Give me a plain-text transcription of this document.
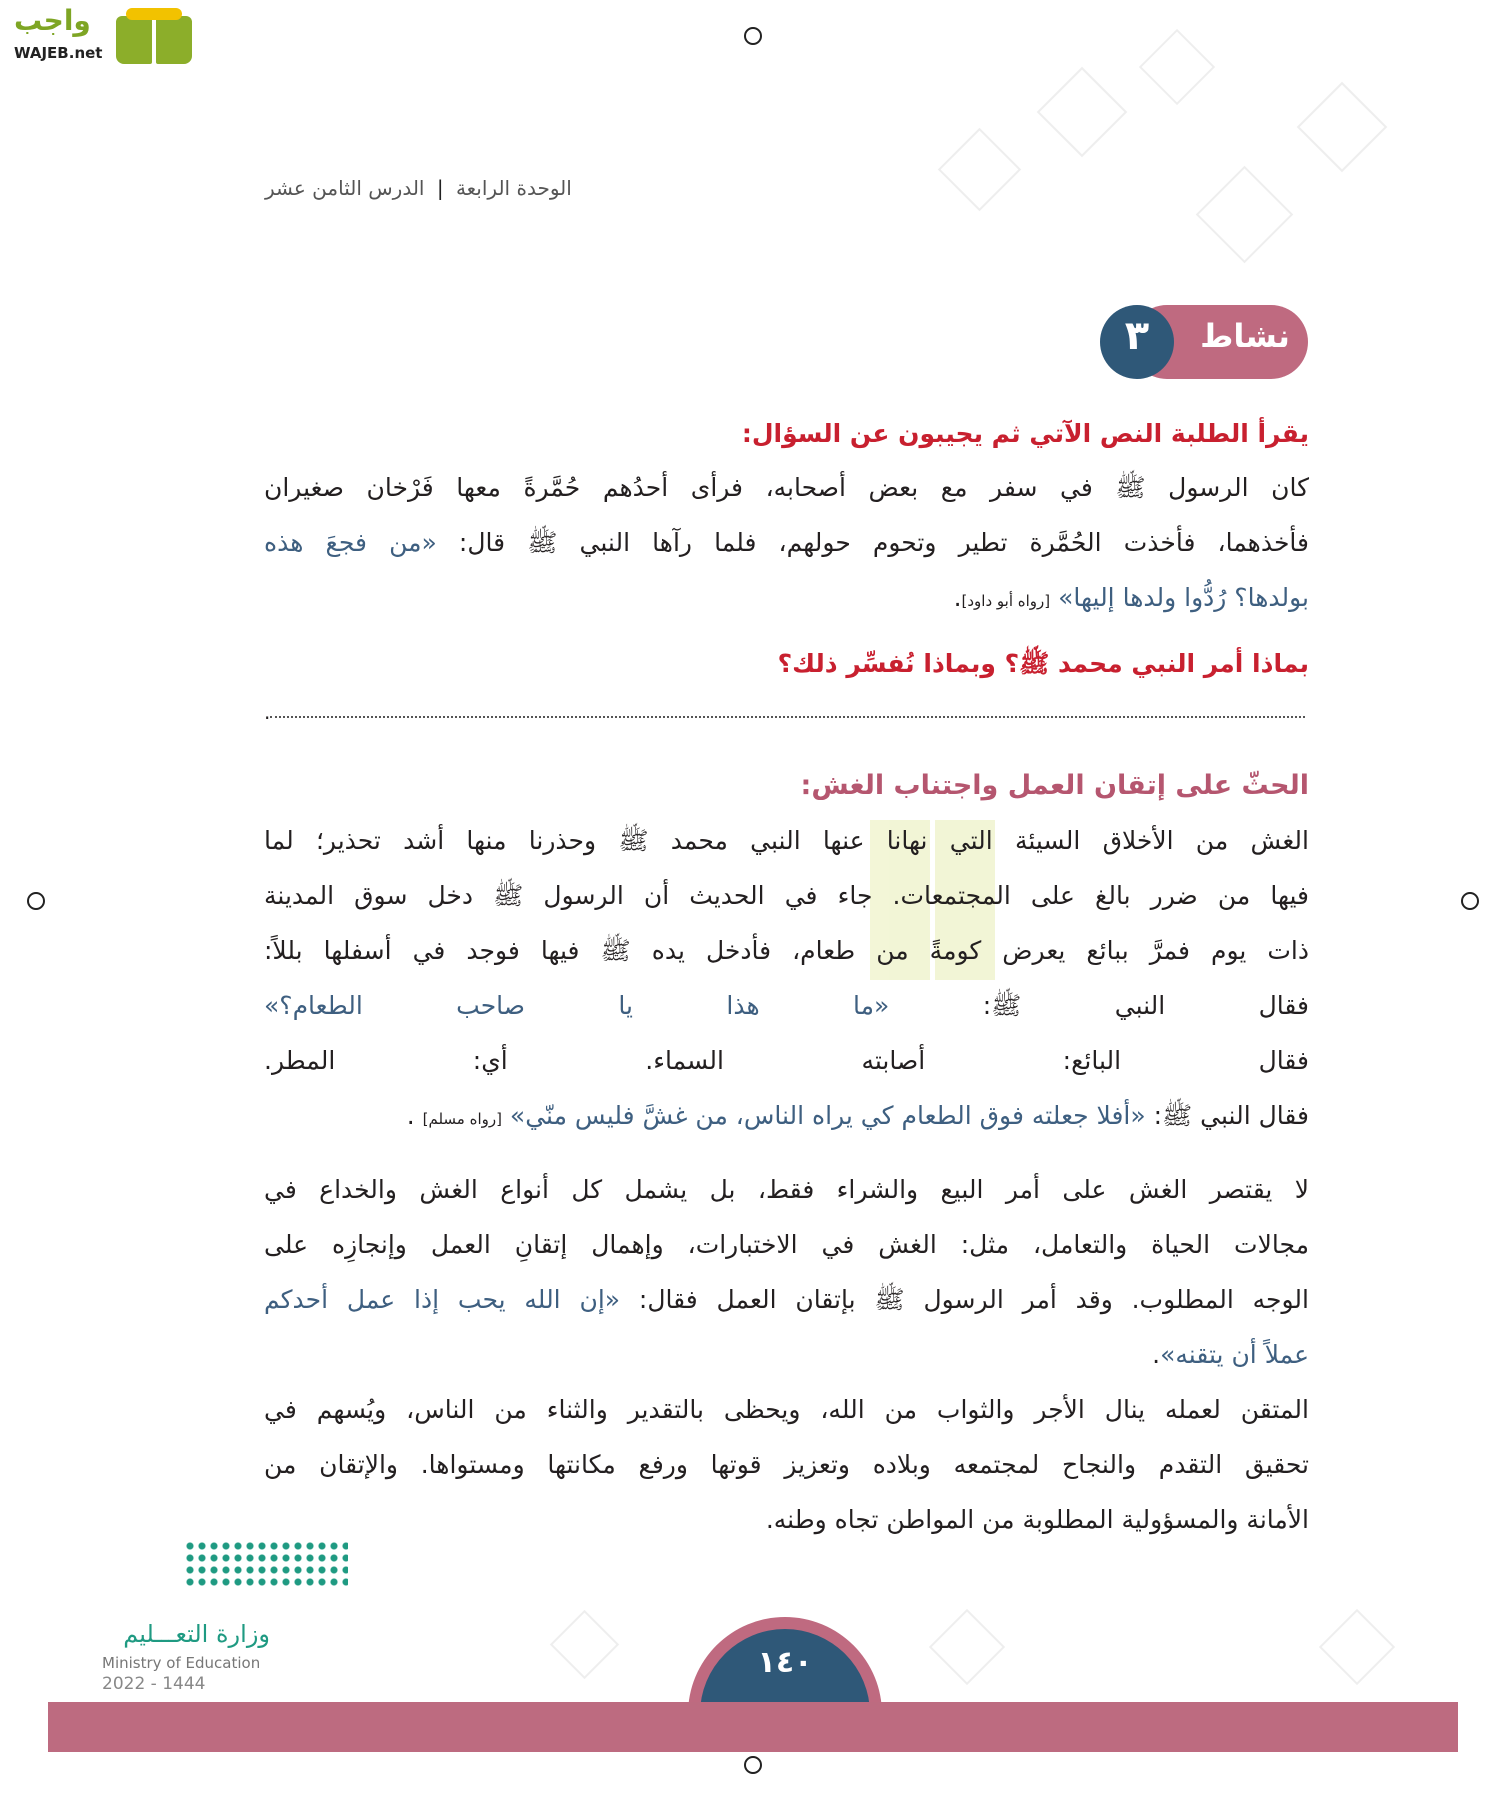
واجب
WAJEB.net
الوحدة الرابعة | الدرس الثامن عشر
نشاط
٣
يقرأ الطلبة النص الآتي ثم يجيبون عن السؤال:
كان الرسول ﷺ في سفر مع بعض أصحابه، فرأى أحدُهم حُمَّرةً معها فَرْخان صغيران
فأخذهما، فأخذت الحُمَّرة تطير وتحوم حولهم، فلما رآها النبي ﷺ قال: «من فجعَ هذه
بولدها؟ رُدُّوا ولدها إليها» [رواه أبو داود].
بماذا أمر النبي محمد ﷺ؟ وبماذا نُفسِّر ذلك؟
.
الحثّ على إتقان العمل واجتناب الغش:
الغش من الأخلاق السيئة التي نهانا عنها النبي محمد ﷺ وحذرنا منها أشد تحذير؛ لما
فيها من ضرر بالغ على المجتمعات. جاء في الحديث أن الرسول ﷺ دخل سوق المدينة
ذات يوم فمرَّ ببائع يعرض كومةً من طعام، فأدخل يده ﷺ فيها فوجد في أسفلها بللاً:
فقال النبي ﷺ: «ما هذا يا صاحب الطعام؟»
فقال البائع: أصابته السماء. أي: المطر.
فقال النبي ﷺ: «أفلا جعلته فوق الطعام كي يراه الناس، من غشَّ فليس منّي» [رواه مسلم] .
لا يقتصر الغش على أمر البيع والشراء فقط، بل يشمل كل أنواع الغش والخداع في
مجالات الحياة والتعامل، مثل: الغش في الاختبارات، وإهمال إتقانِ العمل وإنجازِه على
الوجه المطلوب. وقد أمر الرسول ﷺ بإتقان العمل فقال: «إن الله يحب إذا عمل أحدكم
عملاً أن يتقنه».
المتقن لعمله ينال الأجر والثواب من الله، ويحظى بالتقدير والثناء من الناس، ويُسهم في
تحقيق التقدم والنجاح لمجتمعه وبلاده وتعزيز قوتها ورفع مكانتها ومستواها. والإتقان من
الأمانة والمسؤولية المطلوبة من المواطن تجاه وطنه.
وزارة التعـــليم
Ministry of Education
2022 - 1444
١٤٠
